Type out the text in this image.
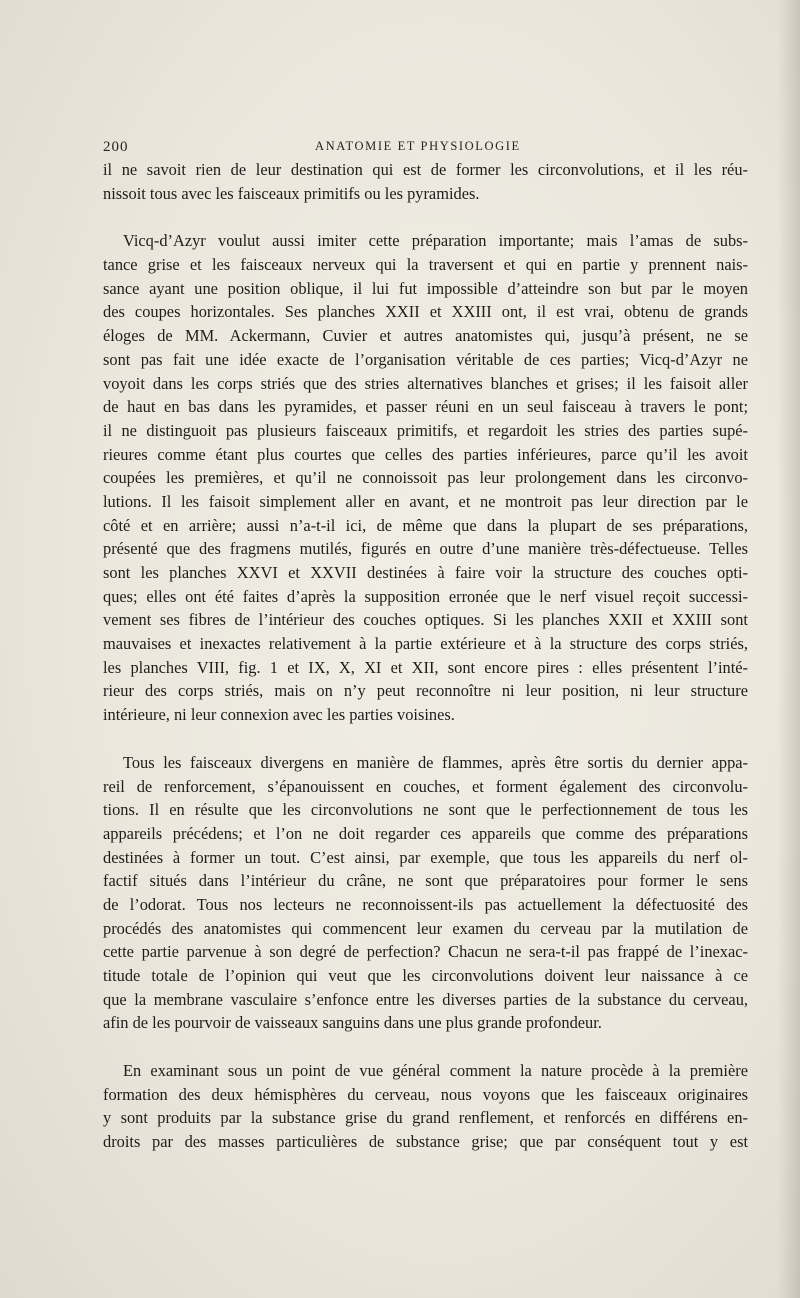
200	ANATOMIE ET PHYSIOLOGIE
il ne savoit rien de leur destination qui est de former les circonvolutions, et il les réu-
nissoit tous avec les faisceaux primitifs ou les pyramides.
Vicq-d’Azyr voulut aussi imiter cette préparation importante; mais l’amas de subs-
tance grise et les faisceaux nerveux qui la traversent et qui en partie y prennent nais-
sance ayant une position oblique, il lui fut impossible d’atteindre son but par le moyen
des coupes horizontales. Ses planches XXII et XXIII ont, il est vrai, obtenu de grands
éloges de MM. Ackermann, Cuvier et autres anatomistes qui, jusqu’à présent, ne se
sont pas fait une idée exacte de l’organisation véritable de ces parties; Vicq-d’Azyr ne
voyoit dans les corps striés que des stries alternatives blanches et grises; il les faisoit aller
de haut en bas dans les pyramides, et passer réuni en un seul faisceau à travers le pont;
il ne distinguoit pas plusieurs faisceaux primitifs, et regardoit les stries des parties supé-
rieures comme étant plus courtes que celles des parties inférieures, parce qu’il les avoit
coupées les premières, et qu’il ne connoissoit pas leur prolongement dans les circonvo-
lutions. Il les faisoit simplement aller en avant, et ne montroit pas leur direction par le
côté et en arrière; aussi n’a-t-il ici, de même que dans la plupart de ses préparations,
présenté que des fragmens mutilés, figurés en outre d’une manière très-défectueuse. Telles
sont les planches XXVI et XXVII destinées à faire voir la structure des couches opti-
ques; elles ont été faites d’après la supposition erronée que le nerf visuel reçoit successi-
vement ses fibres de l’intérieur des couches optiques. Si les planches XXII et XXIII sont
mauvaises et inexactes relativement à la partie extérieure et à la structure des corps striés,
les planches VIII, fig. 1 et IX, X, XI et XII, sont encore pires : elles présentent l’inté-
rieur des corps striés, mais on n’y peut reconnoître ni leur position, ni leur structure
intérieure, ni leur connexion avec les parties voisines.
Tous les faisceaux divergens en manière de flammes, après être sortis du dernier appa-
reil de renforcement, s’épanouissent en couches, et forment également des circonvolu-
tions. Il en résulte que les circonvolutions ne sont que le perfectionnement de tous les
appareils précédens; et l’on ne doit regarder ces appareils que comme des préparations
destinées à former un tout. C’est ainsi, par exemple, que tous les appareils du nerf ol-
factif situés dans l’intérieur du crâne, ne sont que préparatoires pour former le sens
de l’odorat. Tous nos lecteurs ne reconnoissent-ils pas actuellement la défectuosité des
procédés des anatomistes qui commencent leur examen du cerveau par la mutilation de
cette partie parvenue à son degré de perfection? Chacun ne sera-t-il pas frappé de l’inexac-
titude totale de l’opinion qui veut que les circonvolutions doivent leur naissance à ce
que la membrane vasculaire s’enfonce entre les diverses parties de la substance du cerveau,
afin de les pourvoir de vaisseaux sanguins dans une plus grande profondeur.
En examinant sous un point de vue général comment la nature procède à la première
formation des deux hémisphères du cerveau, nous voyons que les faisceaux originaires
y sont produits par la substance grise du grand renflement, et renforcés en différens en-
droits par des masses particulières de substance grise; que par conséquent tout y est
